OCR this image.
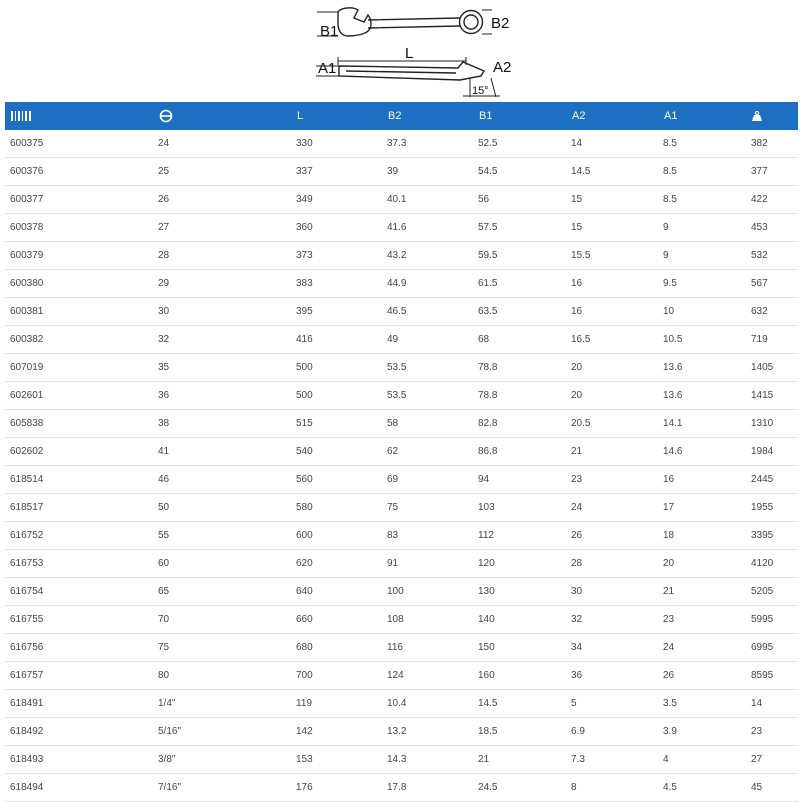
B1	B2
L
A1	A2
15°
		L	B2	B1	A2	A1	
600375	24	330	37.3	52.5	14	8.5	382
600376	25	337	39	54.5	14.5	8.5	377
600377	26	349	40.1	56	15	8.5	422
600378	27	360	41.6	57.5	15	9	453
600379	28	373	43.2	59.5	15.5	9	532
600380	29	383	44.9	61.5	16	9.5	567
600381	30	395	46.5	63.5	16	10	632
600382	32	416	49	68	16.5	10.5	719
607019	35	500	53.5	78.8	20	13.6	1405
602601	36	500	53.5	78.8	20	13.6	1415
605838	38	515	58	82.8	20.5	14.1	1310
602602	41	540	62	86.8	21	14.6	1984
618514	46	560	69	94	23	16	2445
618517	50	580	75	103	24	17	1955
616752	55	600	83	112	26	18	3395
616753	60	620	91	120	28	20	4120
616754	65	640	100	130	30	21	5205
616755	70	660	108	140	32	23	5995
616756	75	680	116	150	34	24	6995
616757	80	700	124	160	36	26	8595
618491	1/4"	119	10.4	14.5	5	3.5	14
618492	5/16"	142	13.2	18.5	6.9	3.9	23
618493	3/8"	153	14.3	21	7.3	4	27
618494	7/16"	176	17.8	24.5	8	4.5	45
